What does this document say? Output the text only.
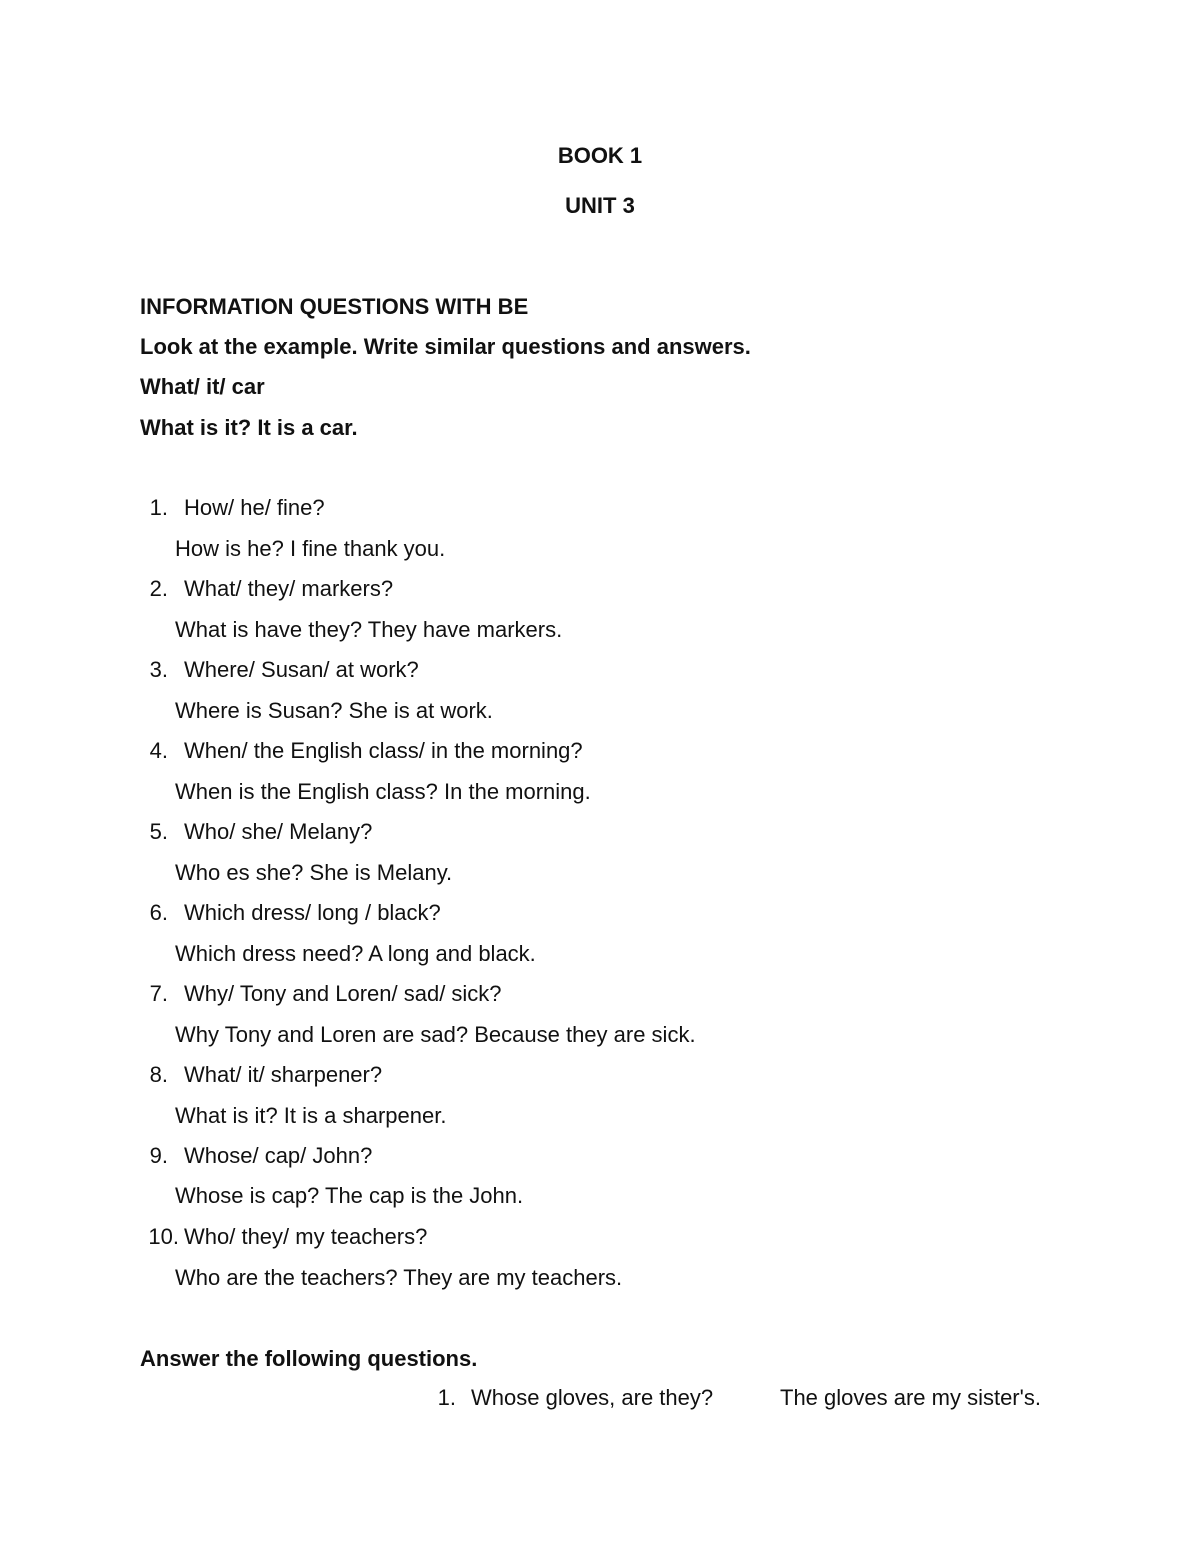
BOOK 1
UNIT 3
INFORMATION QUESTIONS WITH BE
Look at the example. Write similar questions and answers.
What/ it/ car
What is it? It is a car.
1. How/ he/ fine?
How is he? I fine thank you.
2. What/ they/ markers?
What is have they? They have markers.
3. Where/ Susan/ at work?
Where is Susan? She is at work.
4. When/ the English class/ in the morning?
When is the English class? In the morning.
5. Who/ she/ Melany?
Who es she? She is Melany.
6. Which dress/ long / black?
Which dress need? A long and black.
7. Why/ Tony and Loren/ sad/ sick?
Why Tony and Loren are sad? Because they are sick.
8. What/ it/ sharpener?
What is it? It is a sharpener.
9. Whose/ cap/ John?
Whose is cap? The cap is the John.
10. Who/ they/ my teachers?
Who are the teachers? They are my teachers.
Answer the following questions.
1. Whose gloves, are they?	The gloves are my sister's.
